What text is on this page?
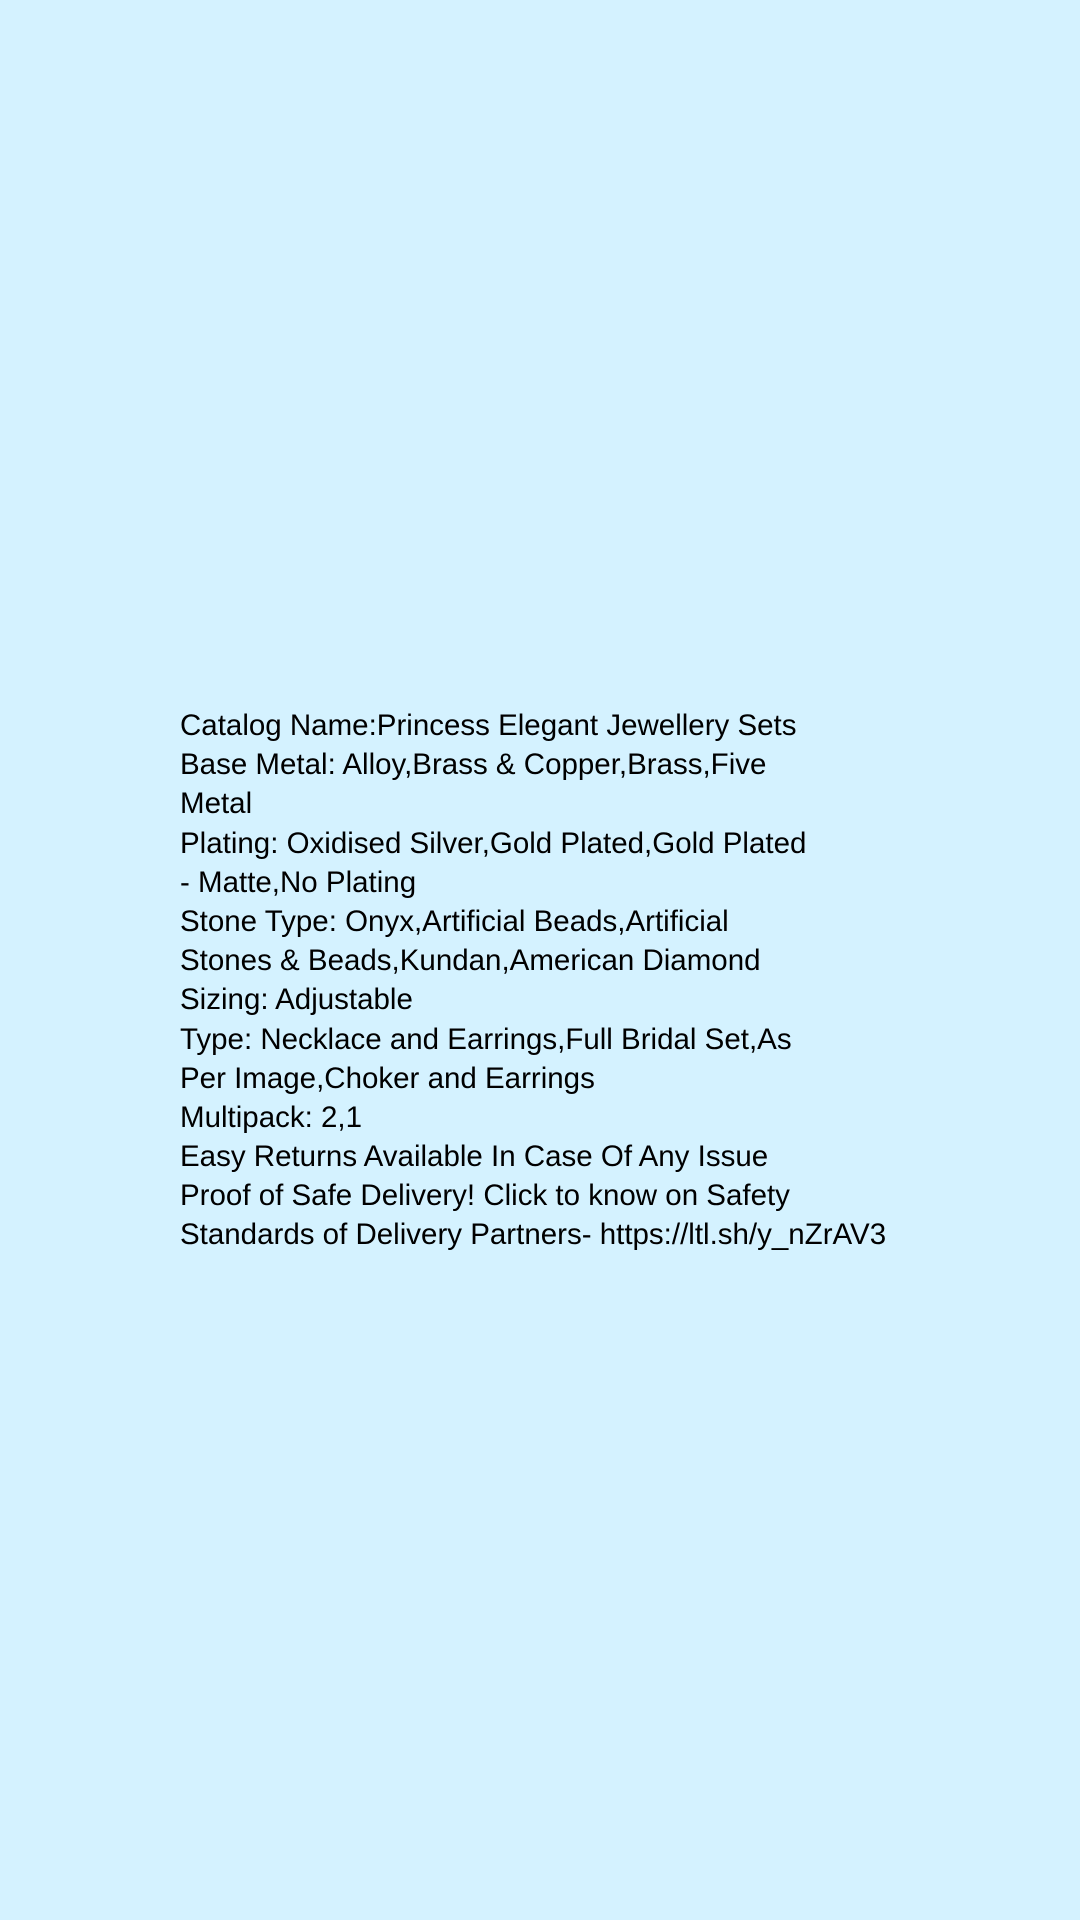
Catalog Name:Princess Elegant Jewellery Sets
Base Metal: Alloy,Brass & Copper,Brass,Five
Metal
Plating: Oxidised Silver,Gold Plated,Gold Plated
- Matte,No Plating
Stone Type: Onyx,Artificial Beads,Artificial
Stones & Beads,Kundan,American Diamond
Sizing: Adjustable
Type: Necklace and Earrings,Full Bridal Set,As
Per Image,Choker and Earrings
Multipack: 2,1
Easy Returns Available In Case Of Any Issue
Proof of Safe Delivery! Click to know on Safety
Standards of Delivery Partners- https://ltl.sh/y_nZrAV3
